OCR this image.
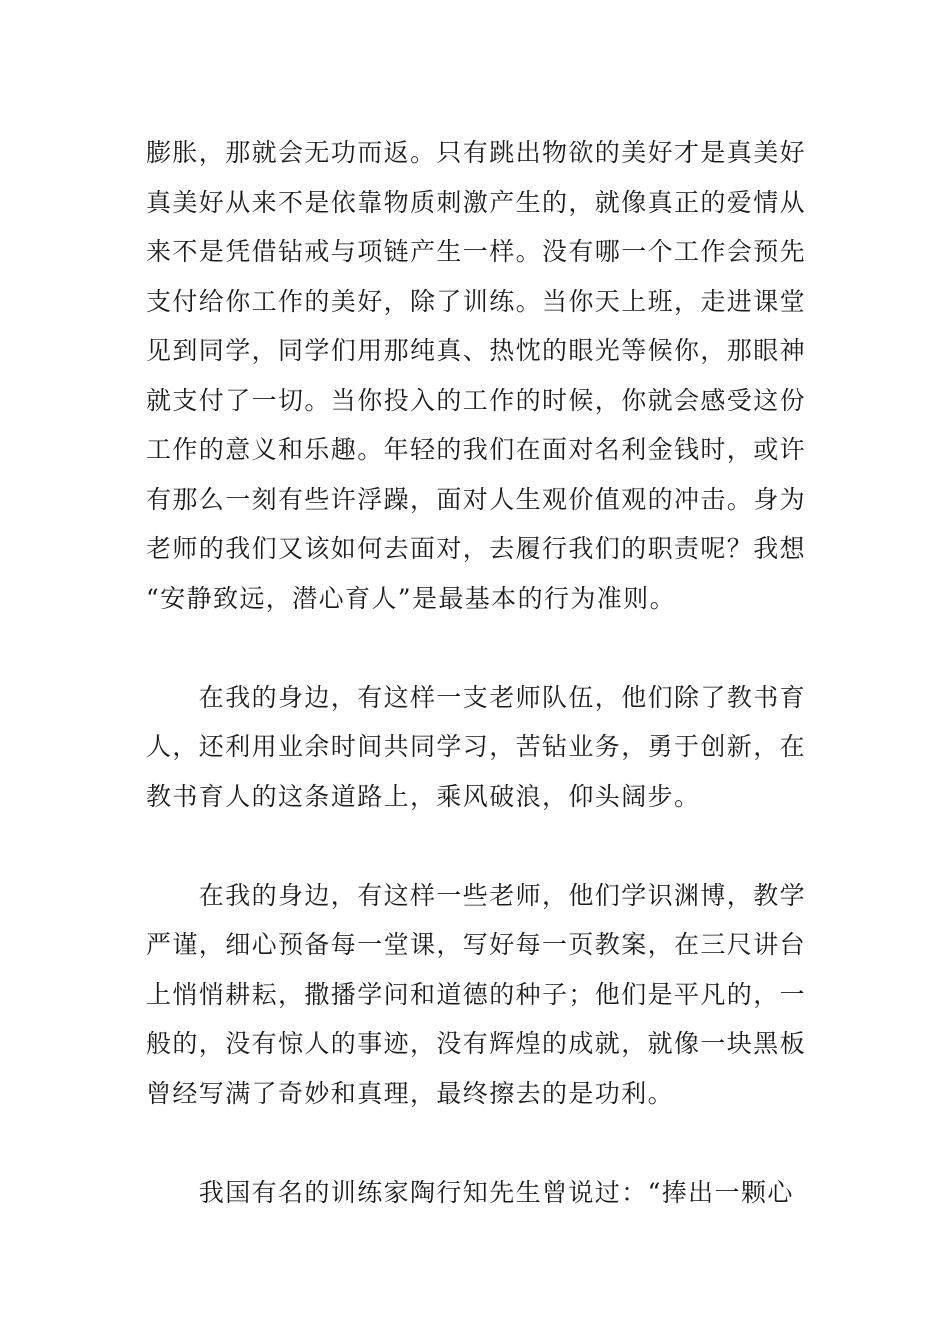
膨胀，那就会无功而返。只有跳出物欲的美好才是真美好
真美好从来不是依靠物质刺激产生的，就像真正的爱情从
来不是凭借钻戒与项链产生一样。没有哪一个工作会预先
支付给你工作的美好，除了训练。当你天上班，走进课堂
见到同学，同学们用那纯真、热忱的眼光等候你，那眼神
就支付了一切。当你投入的工作的时候，你就会感受这份
工作的意义和乐趣。年轻的我们在面对名利金钱时，或许
有那么一刻有些许浮躁，面对人生观价值观的冲击。身为
老师的我们又该如何去面对，去履行我们的职责呢？我想
“安静致远，潜心育人”是最基本的行为准则。
　　在我的身边，有这样一支老师队伍，他们除了教书育
人，还利用业余时间共同学习，苦钻业务，勇于创新，在
教书育人的这条道路上，乘风破浪，仰头阔步。
　　在我的身边，有这样一些老师，他们学识渊博，教学
严谨，细心预备每一堂课，写好每一页教案，在三尺讲台
上悄悄耕耘，撒播学问和道德的种子；他们是平凡的，一
般的，没有惊人的事迹，没有辉煌的成就，就像一块黑板
曾经写满了奇妙和真理，最终擦去的是功利。
　　我国有名的训练家陶行知先生曾说过：“捧出一颗心
